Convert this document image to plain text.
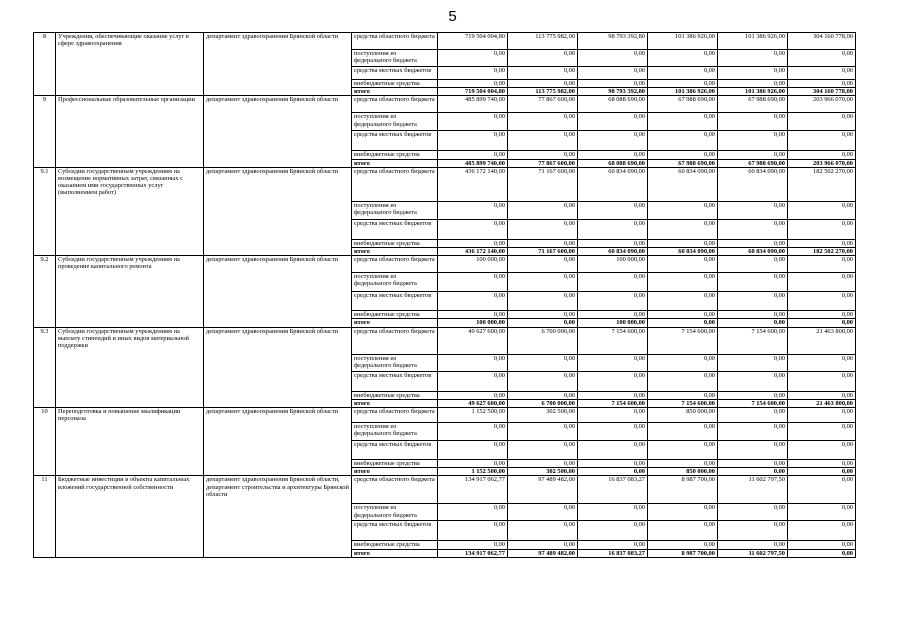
5
8	Учреждения, обеспечивающие оказание услуг в сфере здравоохранения	департамент здравоохранения Брянской области	средства областного бюджета	719 504 004,80	113 775 982,00	98 793 392,80	101 386 926,00	101 386 926,00	304 160 778,00
			поступления из федерального бюджета	0,00	0,00	0,00	0,00	0,00	0,00
			средства местных бюджетов	0,00	0,00	0,00	0,00	0,00	0,00
			внебюджетные средства	0,00	0,00	0,00	0,00	0,00	0,00
			итого	719 504 004,80	113 775 982,00	98 793 392,80	101 386 926,00	101 386 926,00	304 160 778,00
9	Профессиональные образовательные организации	департамент здравоохранения Брянской области	средства областного бюджета	485 899 740,00	77 867 600,00	68 088 690,00	67 988 690,00	67 988 690,00	203 966 070,00
			поступления из федерального бюджета	0,00	0,00	0,00	0,00	0,00	0,00
			средства местных бюджетов	0,00	0,00	0,00	0,00	0,00	0,00
			внебюджетные средства	0,00	0,00	0,00	0,00	0,00	0,00
			итого	485 899 740,00	77 867 600,00	68 088 690,00	67 988 690,00	67 988 690,00	203 966 070,00
9.1	Субсидии государственным учреждениям на возмещение нормативных затрат, связанных с оказанием ими государственных услуг (выполнением работ)	департамент здравоохранения Брянской области	средства областного бюджета	436 172 140,00	71 167 600,00	60 834 090,00	60 834 090,00	60 834 090,00	182 502 270,00
			поступления из федерального бюджета	0,00	0,00	0,00	0,00	0,00	0,00
			средства местных бюджетов	0,00	0,00	0,00	0,00	0,00	0,00
			внебюджетные средства	0,00	0,00	0,00	0,00	0,00	0,00
			итого	436 172 140,00	71 167 600,00	60 834 090,00	60 834 090,00	60 834 090,00	182 502 270,00
9.2	Субсидии государственным учреждениям на проведение капитального ремонта	департамент здравоохранения Брянской области	средства областного бюджета	100 000,00	0,00	100 000,00	0,00	0,00	0,00
			поступления из федерального бюджета	0,00	0,00	0,00	0,00	0,00	0,00
			средства местных бюджетов	0,00	0,00	0,00	0,00	0,00	0,00
			внебюджетные средства	0,00	0,00	0,00	0,00	0,00	0,00
			итого	100 000,00	0,00	100 000,00	0,00	0,00	0,00
9.3	Субсидии государственным учреждениям на выплату стипендий и иных видов материальной поддержки	департамент здравоохранения Брянской области	средства областного бюджета	49 627 600,00	6 700 000,00	7 154 600,00	7 154 600,00	7 154 600,00	21 463 800,00
			поступления из федерального бюджета	0,00	0,00	0,00	0,00	0,00	0,00
			средства местных бюджетов	0,00	0,00	0,00	0,00	0,00	0,00
			внебюджетные средства	0,00	0,00	0,00	0,00	0,00	0,00
			итого	49 627 600,00	6 700 000,00	7 154 600,00	7 154 600,00	7 154 600,00	21 463 800,00
10	Переподготовка и повышение квалификации персонала	департамент здравоохранения Брянской области	средства областного бюджета	1 152 500,00	302 500,00	0,00	850 000,00	0,00	0,00
			поступления из федерального бюджета	0,00	0,00	0,00	0,00	0,00	0,00
			средства местных бюджетов	0,00	0,00	0,00	0,00	0,00	0,00
			внебюджетные средства	0,00	0,00	0,00	0,00	0,00	0,00
			итого	1 152 500,00	302 500,00	0,00	850 000,00	0,00	0,00
11	Бюджетные инвестиции в объекты капитальных вложений государственной собственности	департамент здравоохранения Брянской области, департамент строительства и архитектуры Брянской области	средства областного бюджета	134 917 062,77	97 489 482,00	16 837 083,27	8 987 700,00	11 602 797,50	0,00
			поступления из федерального бюджета	0,00	0,00	0,00	0,00	0,00	0,00
			средства местных бюджетов	0,00	0,00	0,00	0,00	0,00	0,00
			внебюджетные средства	0,00	0,00	0,00	0,00	0,00	0,00
			итого	134 917 062,77	97 489 482,00	16 837 083,27	8 987 700,00	11 602 797,50	0,00
